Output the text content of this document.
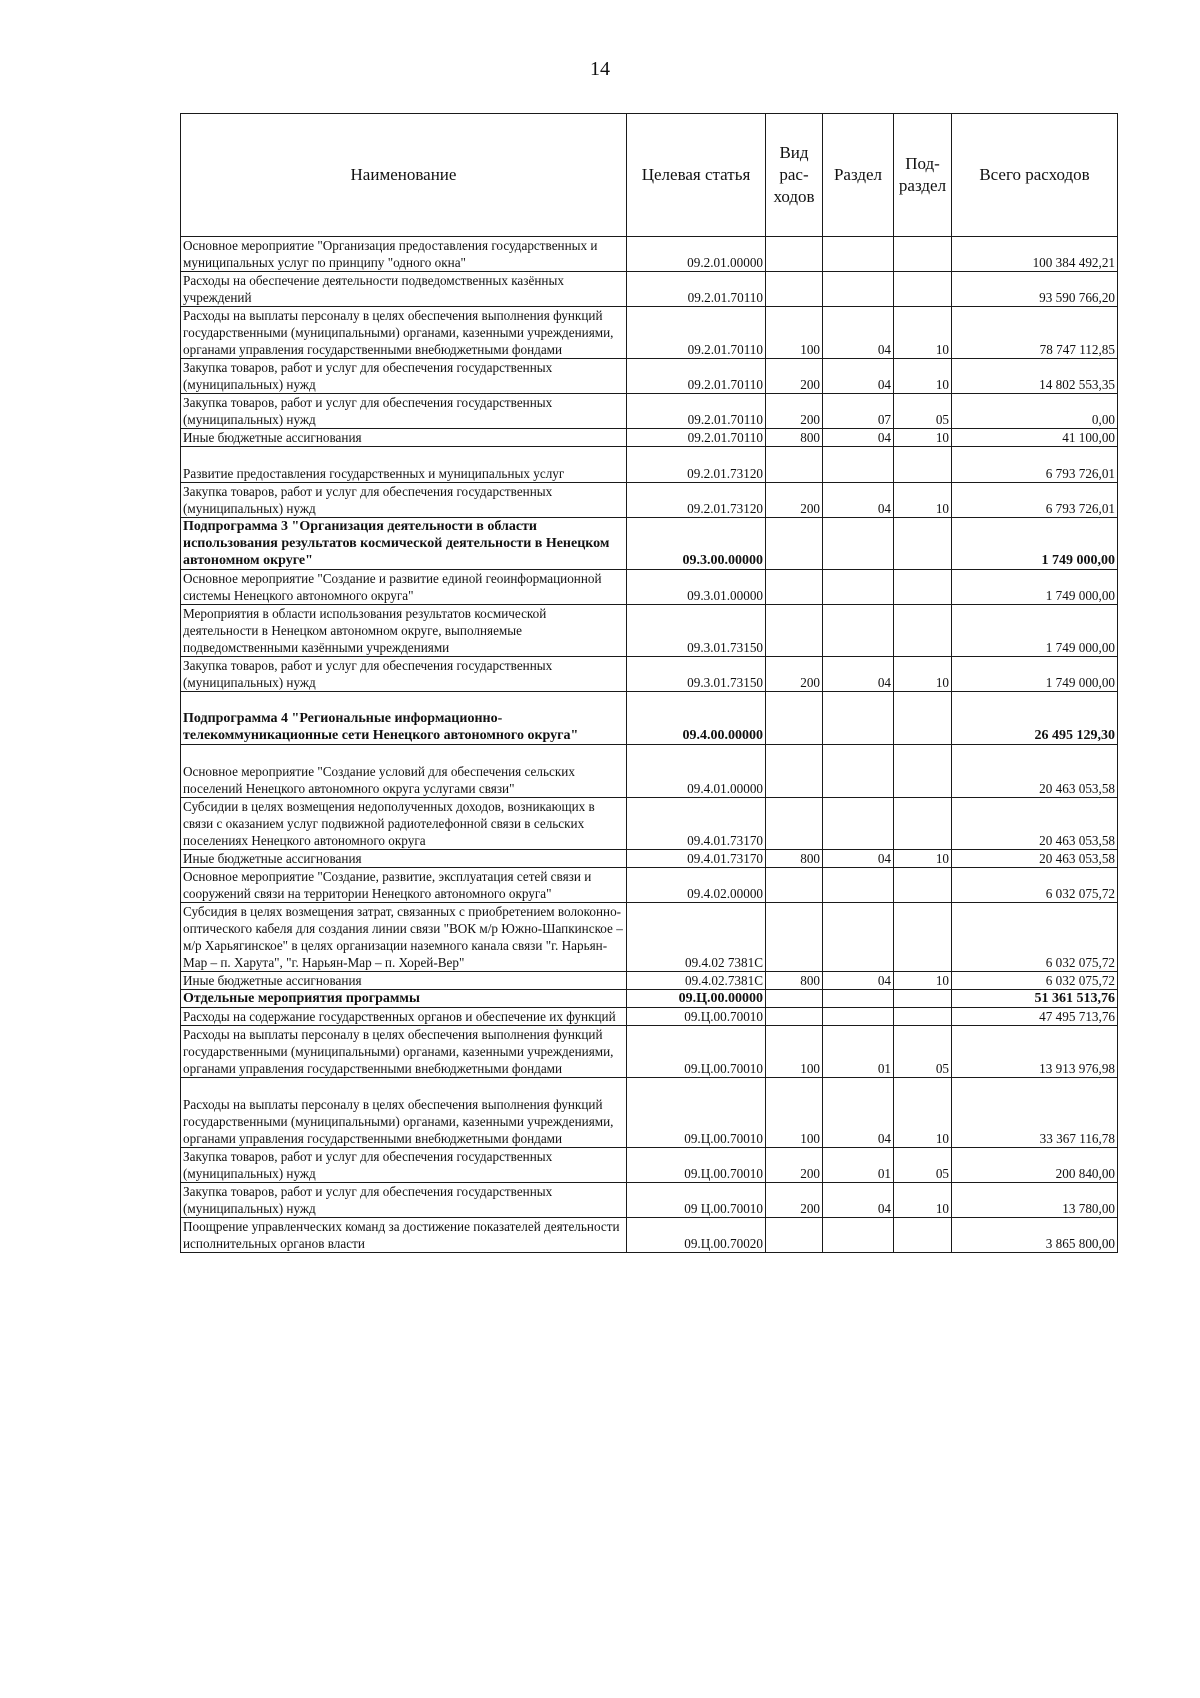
14
Наименование	Целевая статья	Вид рас- ходов	Раздел	Под- раздел	Всего расходов
Основное мероприятие "Организация предоставления государственных и муниципальных услуг по принципу "одного окна"	09.2.01.00000				100 384 492,21
Расходы на обеспечение деятельности подведомственных казённых учреждений	09.2.01.70110				93 590 766,20
Расходы на выплаты персоналу в целях обеспечения выполнения функций государственными (муниципальными) органами, казенными учреждениями, органами управления государственными внебюджетными фондами	09.2.01.70110	100	04	10	78 747 112,85
Закупка товаров, работ и услуг для обеспечения государственных (муниципальных) нужд	09.2.01.70110	200	04	10	14 802 553,35
Закупка товаров, работ и услуг для обеспечения государственных (муниципальных) нужд	09.2.01.70110	200	07	05	0,00
Иные бюджетные ассигнования	09.2.01.70110	800	04	10	41 100,00
Развитие предоставления государственных и муниципальных услуг	09.2.01.73120				6 793 726,01
Закупка товаров, работ и услуг для обеспечения государственных (муниципальных) нужд	09.2.01.73120	200	04	10	6 793 726,01
Подпрограмма 3 "Организация деятельности в области использования результатов космической деятельности в Ненецком автономном округе"	09.3.00.00000				1 749 000,00
Основное мероприятие "Создание и развитие единой геоинформационной системы Ненецкого автономного округа"	09.3.01.00000				1 749 000,00
Мероприятия в области использования результатов космической деятельности в Ненецком автономном округе, выполняемые подведомственными казёнными учреждениями	09.3.01.73150				1 749 000,00
Закупка товаров, работ и услуг для обеспечения государственных (муниципальных) нужд	09.3.01.73150	200	04	10	1 749 000,00
Подпрограмма 4 "Региональные информационно-телекоммуникационные сети Ненецкого автономного округа"	09.4.00.00000				26 495 129,30
Основное мероприятие "Создание условий для обеспечения сельских поселений Ненецкого автономного округа услугами связи"	09.4.01.00000				20 463 053,58
Субсидии в целях возмещения недополученных доходов, возникающих в связи с оказанием услуг подвижной радиотелефонной связи в сельских поселениях Ненецкого автономного округа	09.4.01.73170				20 463 053,58
Иные бюджетные ассигнования	09.4.01.73170	800	04	10	20 463 053,58
Основное мероприятие "Создание, развитие, эксплуатация сетей связи и сооружений связи на территории Ненецкого автономного округа"	09.4.02.00000				6 032 075,72
Субсидия в целях возмещения затрат, связанных с приобретением волоконно-оптического кабеля для создания линии связи "ВОК м/р Южно-Шапкинское – м/р Харьягинское" в целях организации наземного канала связи "г. Нарьян-Мар – п. Харута", "г. Нарьян-Мар – п. Хорей-Вер"	09.4.02 7381C				6 032 075,72
Иные бюджетные ассигнования	09.4.02.7381C	800	04	10	6 032 075,72
Отдельные мероприятия программы	09.Ц.00.00000				51 361 513,76
Расходы на содержание государственных органов и обеспечение их функций	09.Ц.00.70010				47 495 713,76
Расходы на выплаты персоналу в целях обеспечения выполнения функций государственными (муниципальными) органами, казенными учреждениями, органами управления государственными внебюджетными фондами	09.Ц.00.70010	100	01	05	13 913 976,98
Расходы на выплаты персоналу в целях обеспечения выполнения функций государственными (муниципальными) органами, казенными учреждениями, органами управления государственными внебюджетными фондами	09.Ц.00.70010	100	04	10	33 367 116,78
Закупка товаров, работ и услуг для обеспечения государственных (муниципальных) нужд	09.Ц.00.70010	200	01	05	200 840,00
Закупка товаров, работ и услуг для обеспечения государственных (муниципальных) нужд	09 Ц.00.70010	200	04	10	13 780,00
Поощрение управленческих команд за достижение показателей деятельности исполнительных органов власти	09.Ц.00.70020				3 865 800,00
